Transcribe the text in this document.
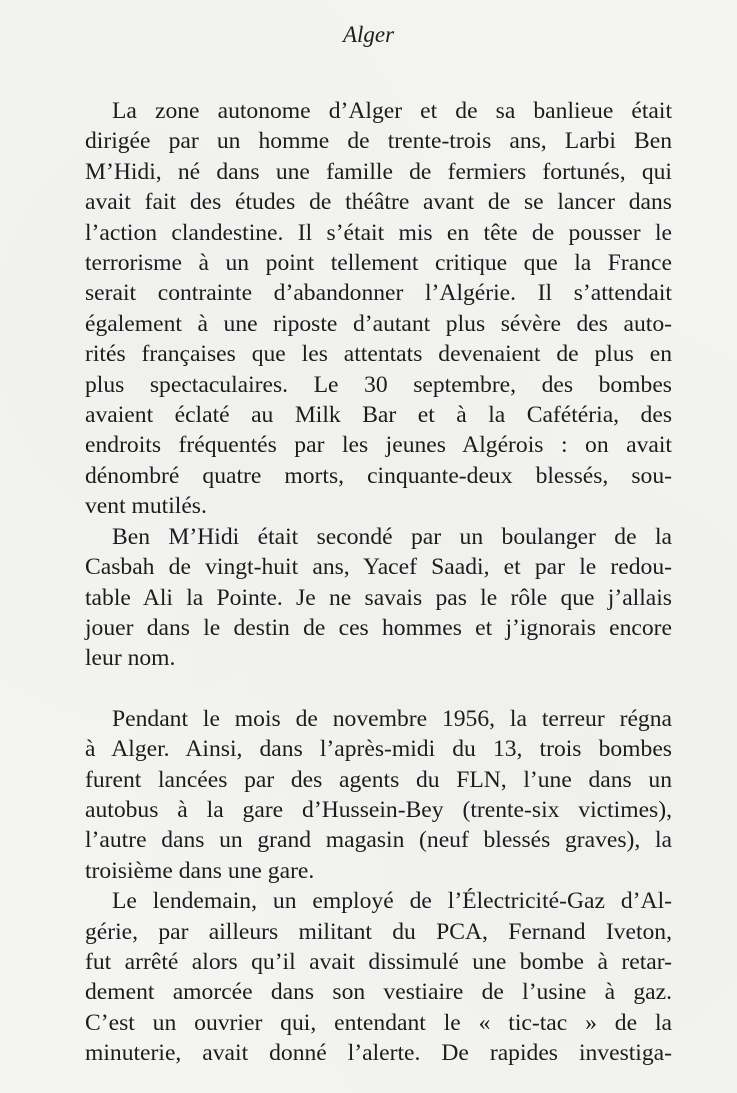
Alger

La zone autonome d’Alger et de sa banlieue était
dirigée par un homme de trente-trois ans, Larbi Ben
M’Hidi, né dans une famille de fermiers fortunés, qui
avait fait des études de théâtre avant de se lancer dans
l’action clandestine. Il s’était mis en tête de pousser le
terrorisme à un point tellement critique que la France
serait contrainte d’abandonner l’Algérie. Il s’attendait
également à une riposte d’autant plus sévère des auto-
rités françaises que les attentats devenaient de plus en
plus spectaculaires. Le 30 septembre, des bombes
avaient éclaté au Milk Bar et à la Cafétéria, des
endroits fréquentés par les jeunes Algérois : on avait
dénombré quatre morts, cinquante-deux blessés, sou-
vent mutilés.

Ben M’Hidi était secondé par un boulanger de la
Casbah de vingt-huit ans, Yacef Saadi, et par le redou-
table Ali la Pointe. Je ne savais pas le rôle que j’allais
jouer dans le destin de ces hommes et j’ignorais encore
leur nom.

Pendant le mois de novembre 1956, la terreur régna
à Alger. Ainsi, dans l’après-midi du 13, trois bombes
furent lancées par des agents du FLN, l’une dans un
autobus à la gare d’Hussein-Bey (trente-six victimes),
l’autre dans un grand magasin (neuf blessés graves), la
troisième dans une gare.

Le lendemain, un employé de l’Électricité-Gaz d’Al-
gérie, par ailleurs militant du PCA, Fernand Iveton,
fut arrêté alors qu’il avait dissimulé une bombe à retar-
dement amorcée dans son vestiaire de l’usine à gaz.
C’est un ouvrier qui, entendant le « tic-tac » de la
minuterie, avait donné l’alerte. De rapides investiga-
